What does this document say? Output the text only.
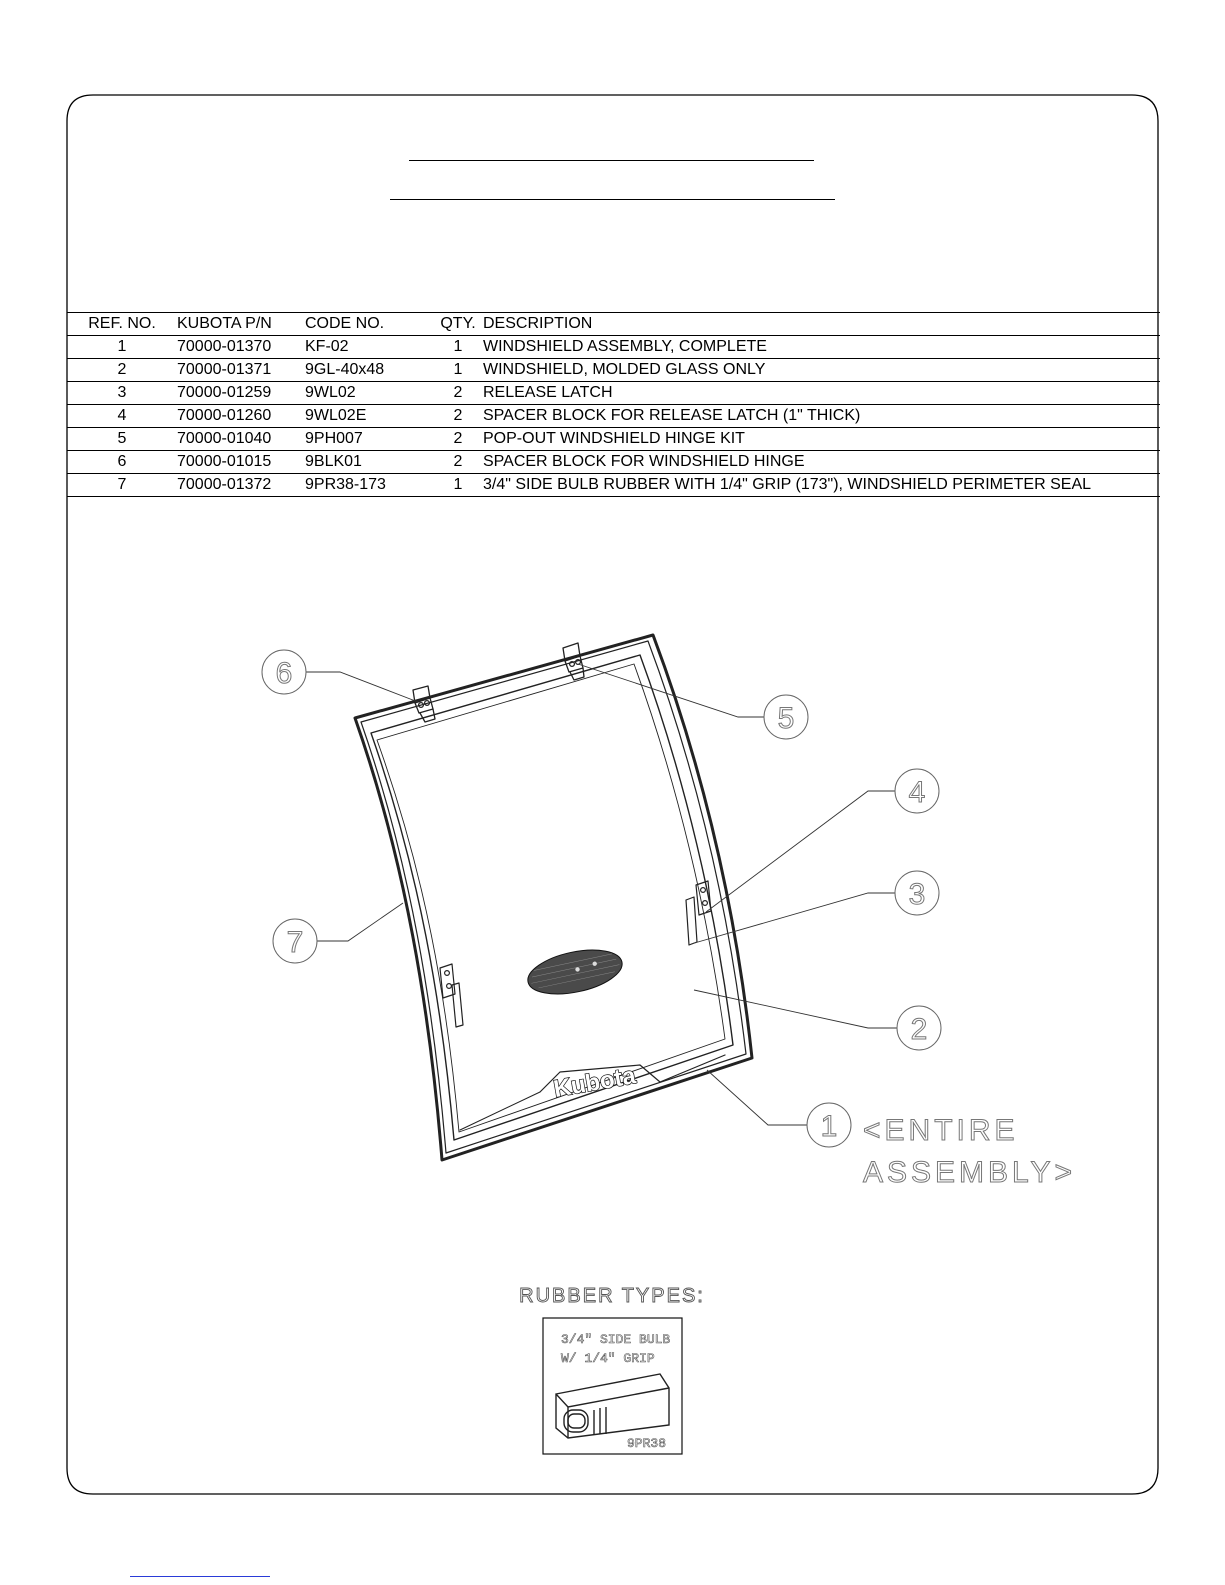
REF. NO.	KUBOTA P/N	CODE NO.	QTY.	DESCRIPTION
1	70000-01370	KF-02	1	WINDSHIELD ASSEMBLY, COMPLETE
2	70000-01371	9GL-40x48	1	WINDSHIELD, MOLDED GLASS ONLY
3	70000-01259	9WL02	2	RELEASE LATCH
4	70000-01260	9WL02E	2	SPACER BLOCK FOR RELEASE LATCH (1" THICK)
5	70000-01040	9PH007	2	POP-OUT WINDSHIELD HINGE KIT
6	70000-01015	9BLK01	2	SPACER BLOCK FOR WINDSHIELD HINGE
7	70000-01372	9PR38-173	1	3/4" SIDE BULB RUBBER WITH 1/4" GRIP (173"), WINDSHIELD PERIMETER SEAL
Kubota
6
5
4
3
7
2
1 <ENTIRE
ASSEMBLY>
RUBBER TYPES:
3/4" SIDE BULB
W/ 1/4" GRIP
9PR38
